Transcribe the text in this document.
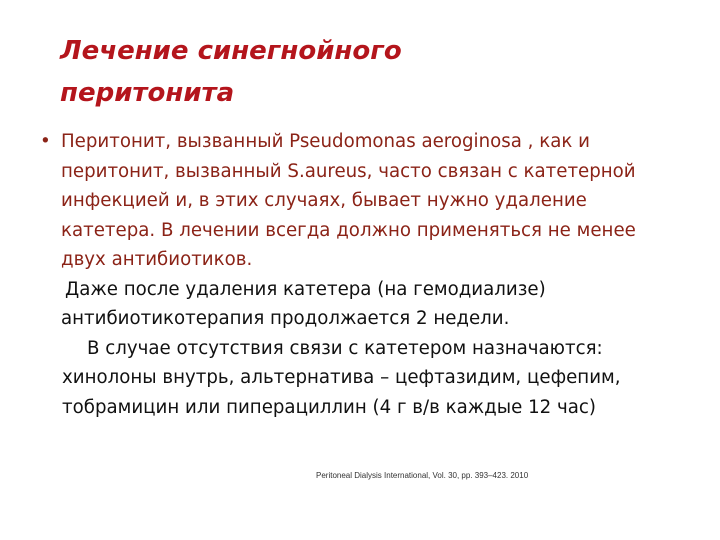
Лечение синегнойного
перитонита
• Перитонит, вызванный Pseudomonas aeroginosa , как и
перитонит, вызванный S.aureus, часто связан с катетерной
инфекцией и, в этих случаях, бывает нужно удаление
катетера. В лечении всегда должно применяться не менее
двух антибиотиков.
Даже после удаления катетера (на гемодиализе)
антибиотикотерапия продолжается 2 недели.
В случае отсутствия связи с катетером назначаются:
хинолоны внутрь, альтернатива – цефтазидим, цефепим,
тобрамицин или пиперациллин (4 г в/в каждые 12 час)
Peritoneal Dialysis International, Vol. 30, pp. 393–423. 2010
